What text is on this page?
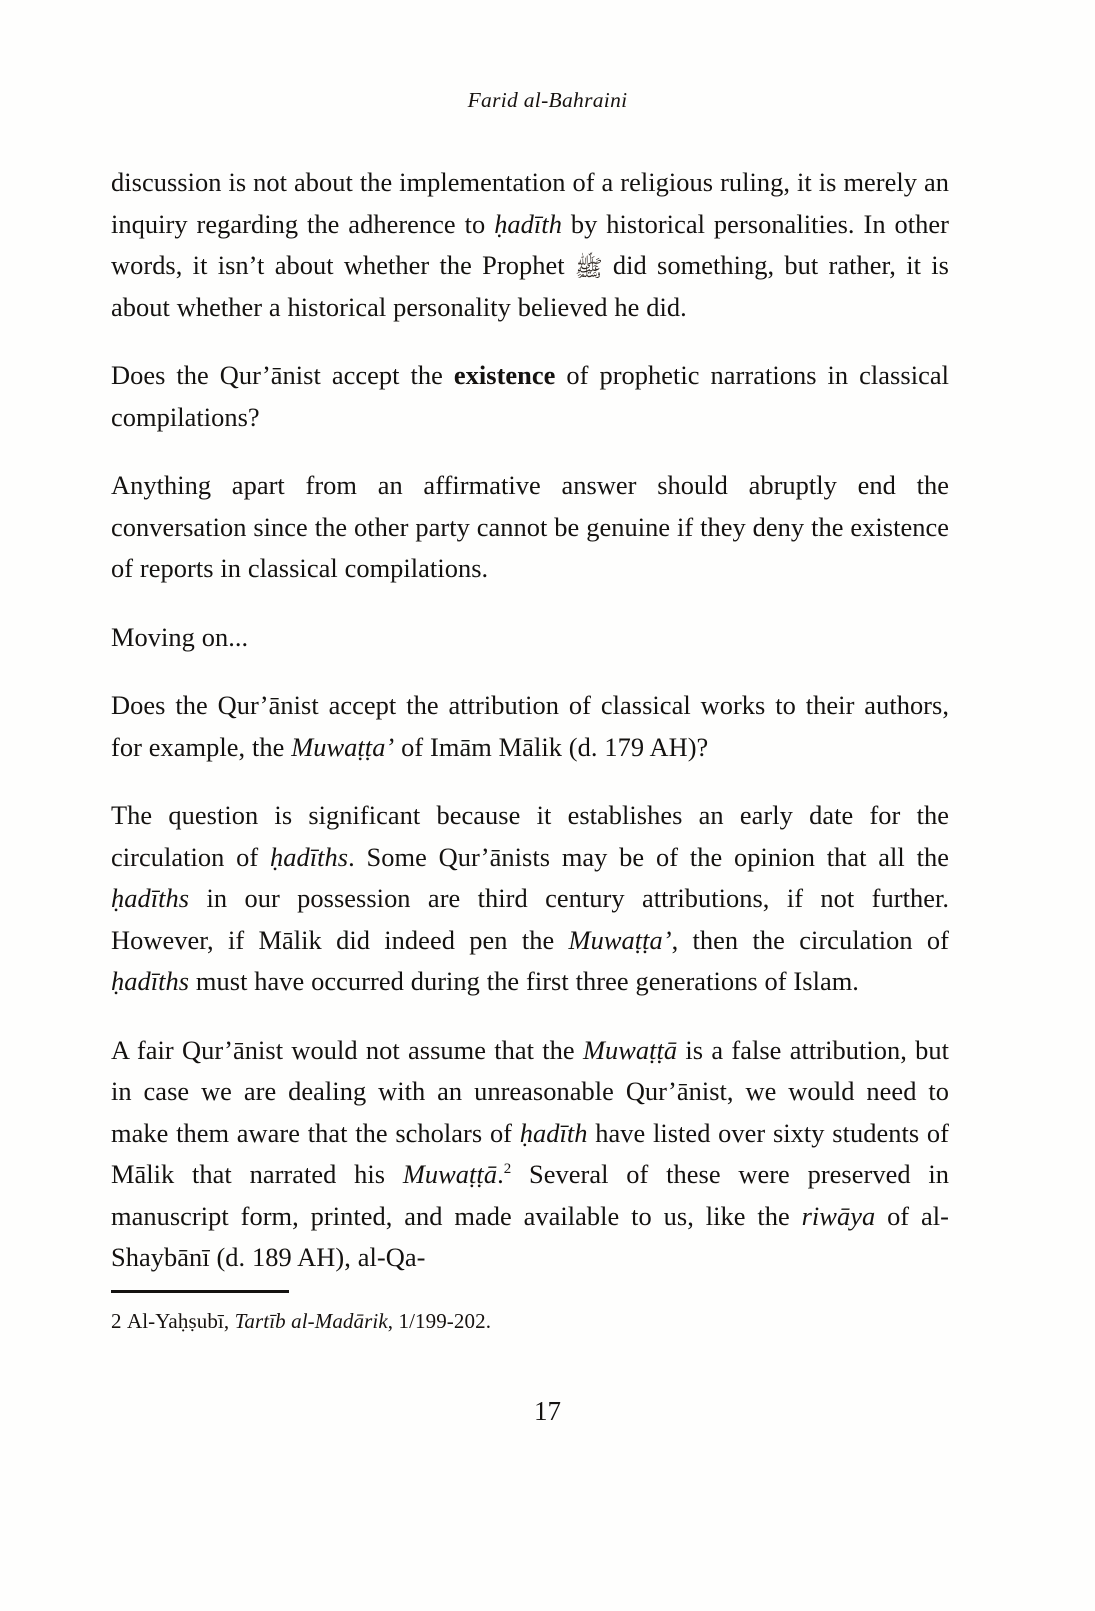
Farid al-Bahraini

discussion is not about the implementation of a religious ruling, it is merely an inquiry regarding the adherence to ḥadīth by historical personalities. In other words, it isn’t about whether the Prophet ﷺ did something, but rather, it is about whether a historical personality believed he did.

Does the Qur’ānist accept the existence of prophetic narrations in classical compilations?

Anything apart from an affirmative answer should abruptly end the conversation since the other party cannot be genuine if they deny the existence of reports in classical compilations.

Moving on...

Does the Qur’ānist accept the attribution of classical works to their authors, for example, the Muwaṭṭa’ of Imām Mālik (d. 179 AH)?

The question is significant because it establishes an early date for the circulation of ḥadīths. Some Qur’ānists may be of the opinion that all the ḥadīths in our possession are third century attributions, if not further. However, if Mālik did indeed pen the Muwaṭṭa’, then the circulation of ḥadīths must have occurred during the first three generations of Islam.

A fair Qur’ānist would not assume that the Muwaṭṭā is a false attribution, but in case we are dealing with an unreasonable Qur’ānist, we would need to make them aware that the scholars of ḥadīth have listed over sixty students of Mālik that narrated his Muwaṭṭā.$^2$ Several of these were preserved in manuscript form, printed, and made available to us, like the riwāya of al-Shaybānī (d. 189 AH), al-Qa-

2 Al-Yaḥṣubī, Tartīb al-Madārik, 1/199-202.
17
